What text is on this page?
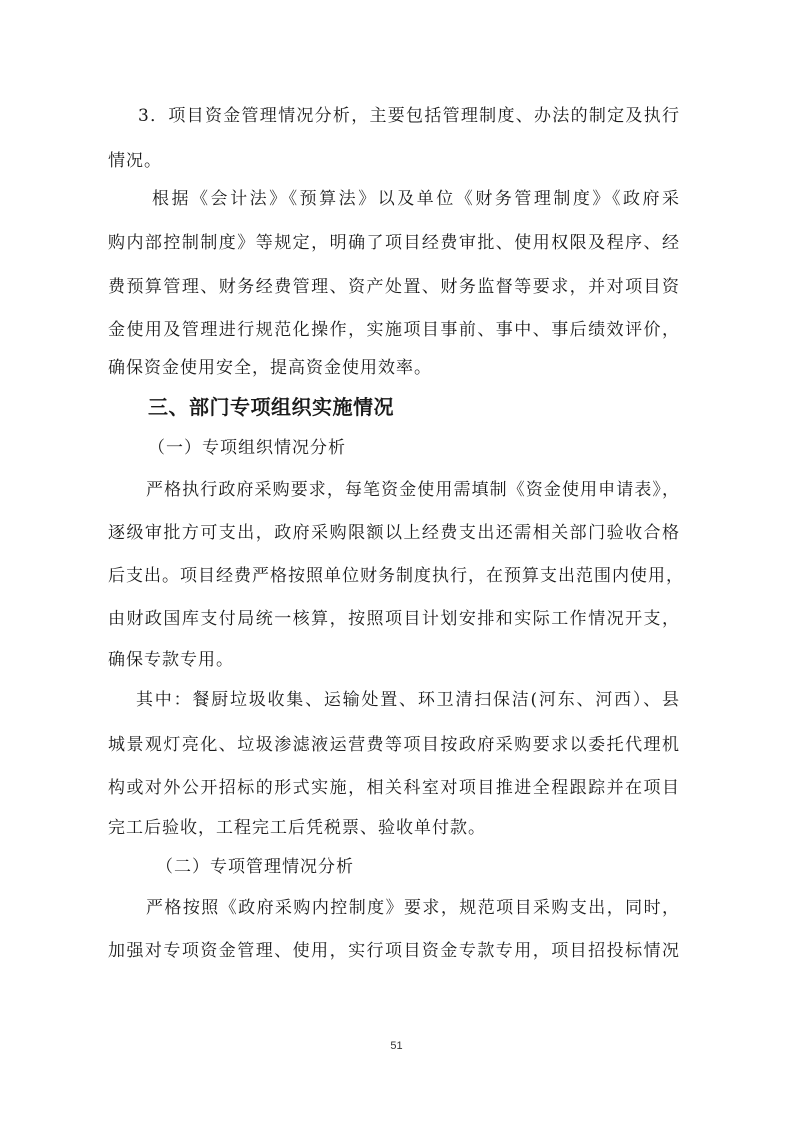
3．项目资金管理情况分析，主要包括管理制度、办法的制定及执行
情况。
根据《会计法》《预算法》以及单位《财务管理制度》《政府采
购内部控制制度》等规定，明确了项目经费审批、使用权限及程序、经
费预算管理、财务经费管理、资产处置、财务监督等要求，并对项目资
金使用及管理进行规范化操作，实施项目事前、事中、事后绩效评价，
确保资金使用安全，提高资金使用效率。
三、部门专项组织实施情况
（一）专项组织情况分析
严格执行政府采购要求，每笔资金使用需填制《资金使用申请表》，
逐级审批方可支出，政府采购限额以上经费支出还需相关部门验收合格
后支出。项目经费严格按照单位财务制度执行，在预算支出范围内使用，
由财政国库支付局统一核算，按照项目计划安排和实际工作情况开支，
确保专款专用。
其中：餐厨垃圾收集、运输处置、环卫清扫保洁(河东、河西）、县
城景观灯亮化、垃圾渗滤液运营费等项目按政府采购要求以委托代理机
构或对外公开招标的形式实施，相关科室对项目推进全程跟踪并在项目
完工后验收，工程完工后凭税票、验收单付款。
（二）专项管理情况分析
严格按照《政府采购内控制度》要求，规范项目采购支出，同时，
加强对专项资金管理、使用，实行项目资金专款专用，项目招投标情况
51
